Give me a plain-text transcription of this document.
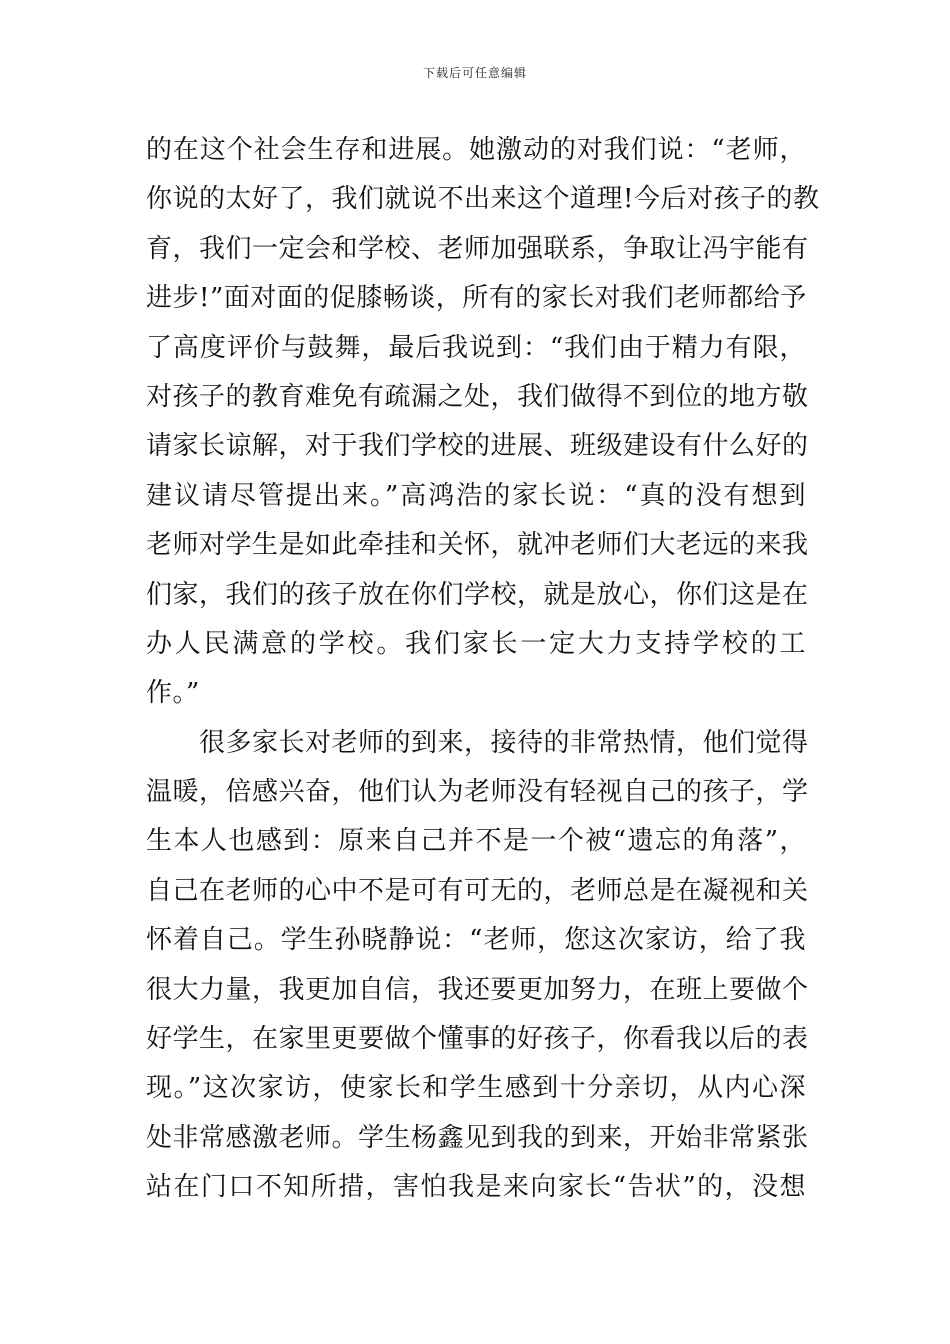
下载后可任意编辑
的在这个社会生存和进展。她激动的对我们说：“老师，
你说的太好了，我们就说不出来这个道理!今后对孩子的教
育，我们一定会和学校、老师加强联系，争取让冯宇能有
进步!”面对面的促膝畅谈，所有的家长对我们老师都给予
了高度评价与鼓舞，最后我说到：“我们由于精力有限，
对孩子的教育难免有疏漏之处，我们做得不到位的地方敬
请家长谅解，对于我们学校的进展、班级建设有什么好的
建议请尽管提出来。”高鸿浩的家长说：“真的没有想到
老师对学生是如此牵挂和关怀，就冲老师们大老远的来我
们家，我们的孩子放在你们学校，就是放心，你们这是在
办人民满意的学校。我们家长一定大力支持学校的工
作。”
　　很多家长对老师的到来，接待的非常热情，他们觉得
温暖，倍感兴奋，他们认为老师没有轻视自己的孩子，学
生本人也感到：原来自己并不是一个被“遗忘的角落”，
自己在老师的心中不是可有可无的，老师总是在凝视和关
怀着自己。学生孙晓静说：“老师，您这次家访，给了我
很大力量，我更加自信，我还要更加努力，在班上要做个
好学生，在家里更要做个懂事的好孩子，你看我以后的表
现。”这次家访，使家长和学生感到十分亲切，从内心深
处非常感激老师。学生杨鑫见到我的到来，开始非常紧张
站在门口不知所措，害怕我是来向家长“告状”的，没想
